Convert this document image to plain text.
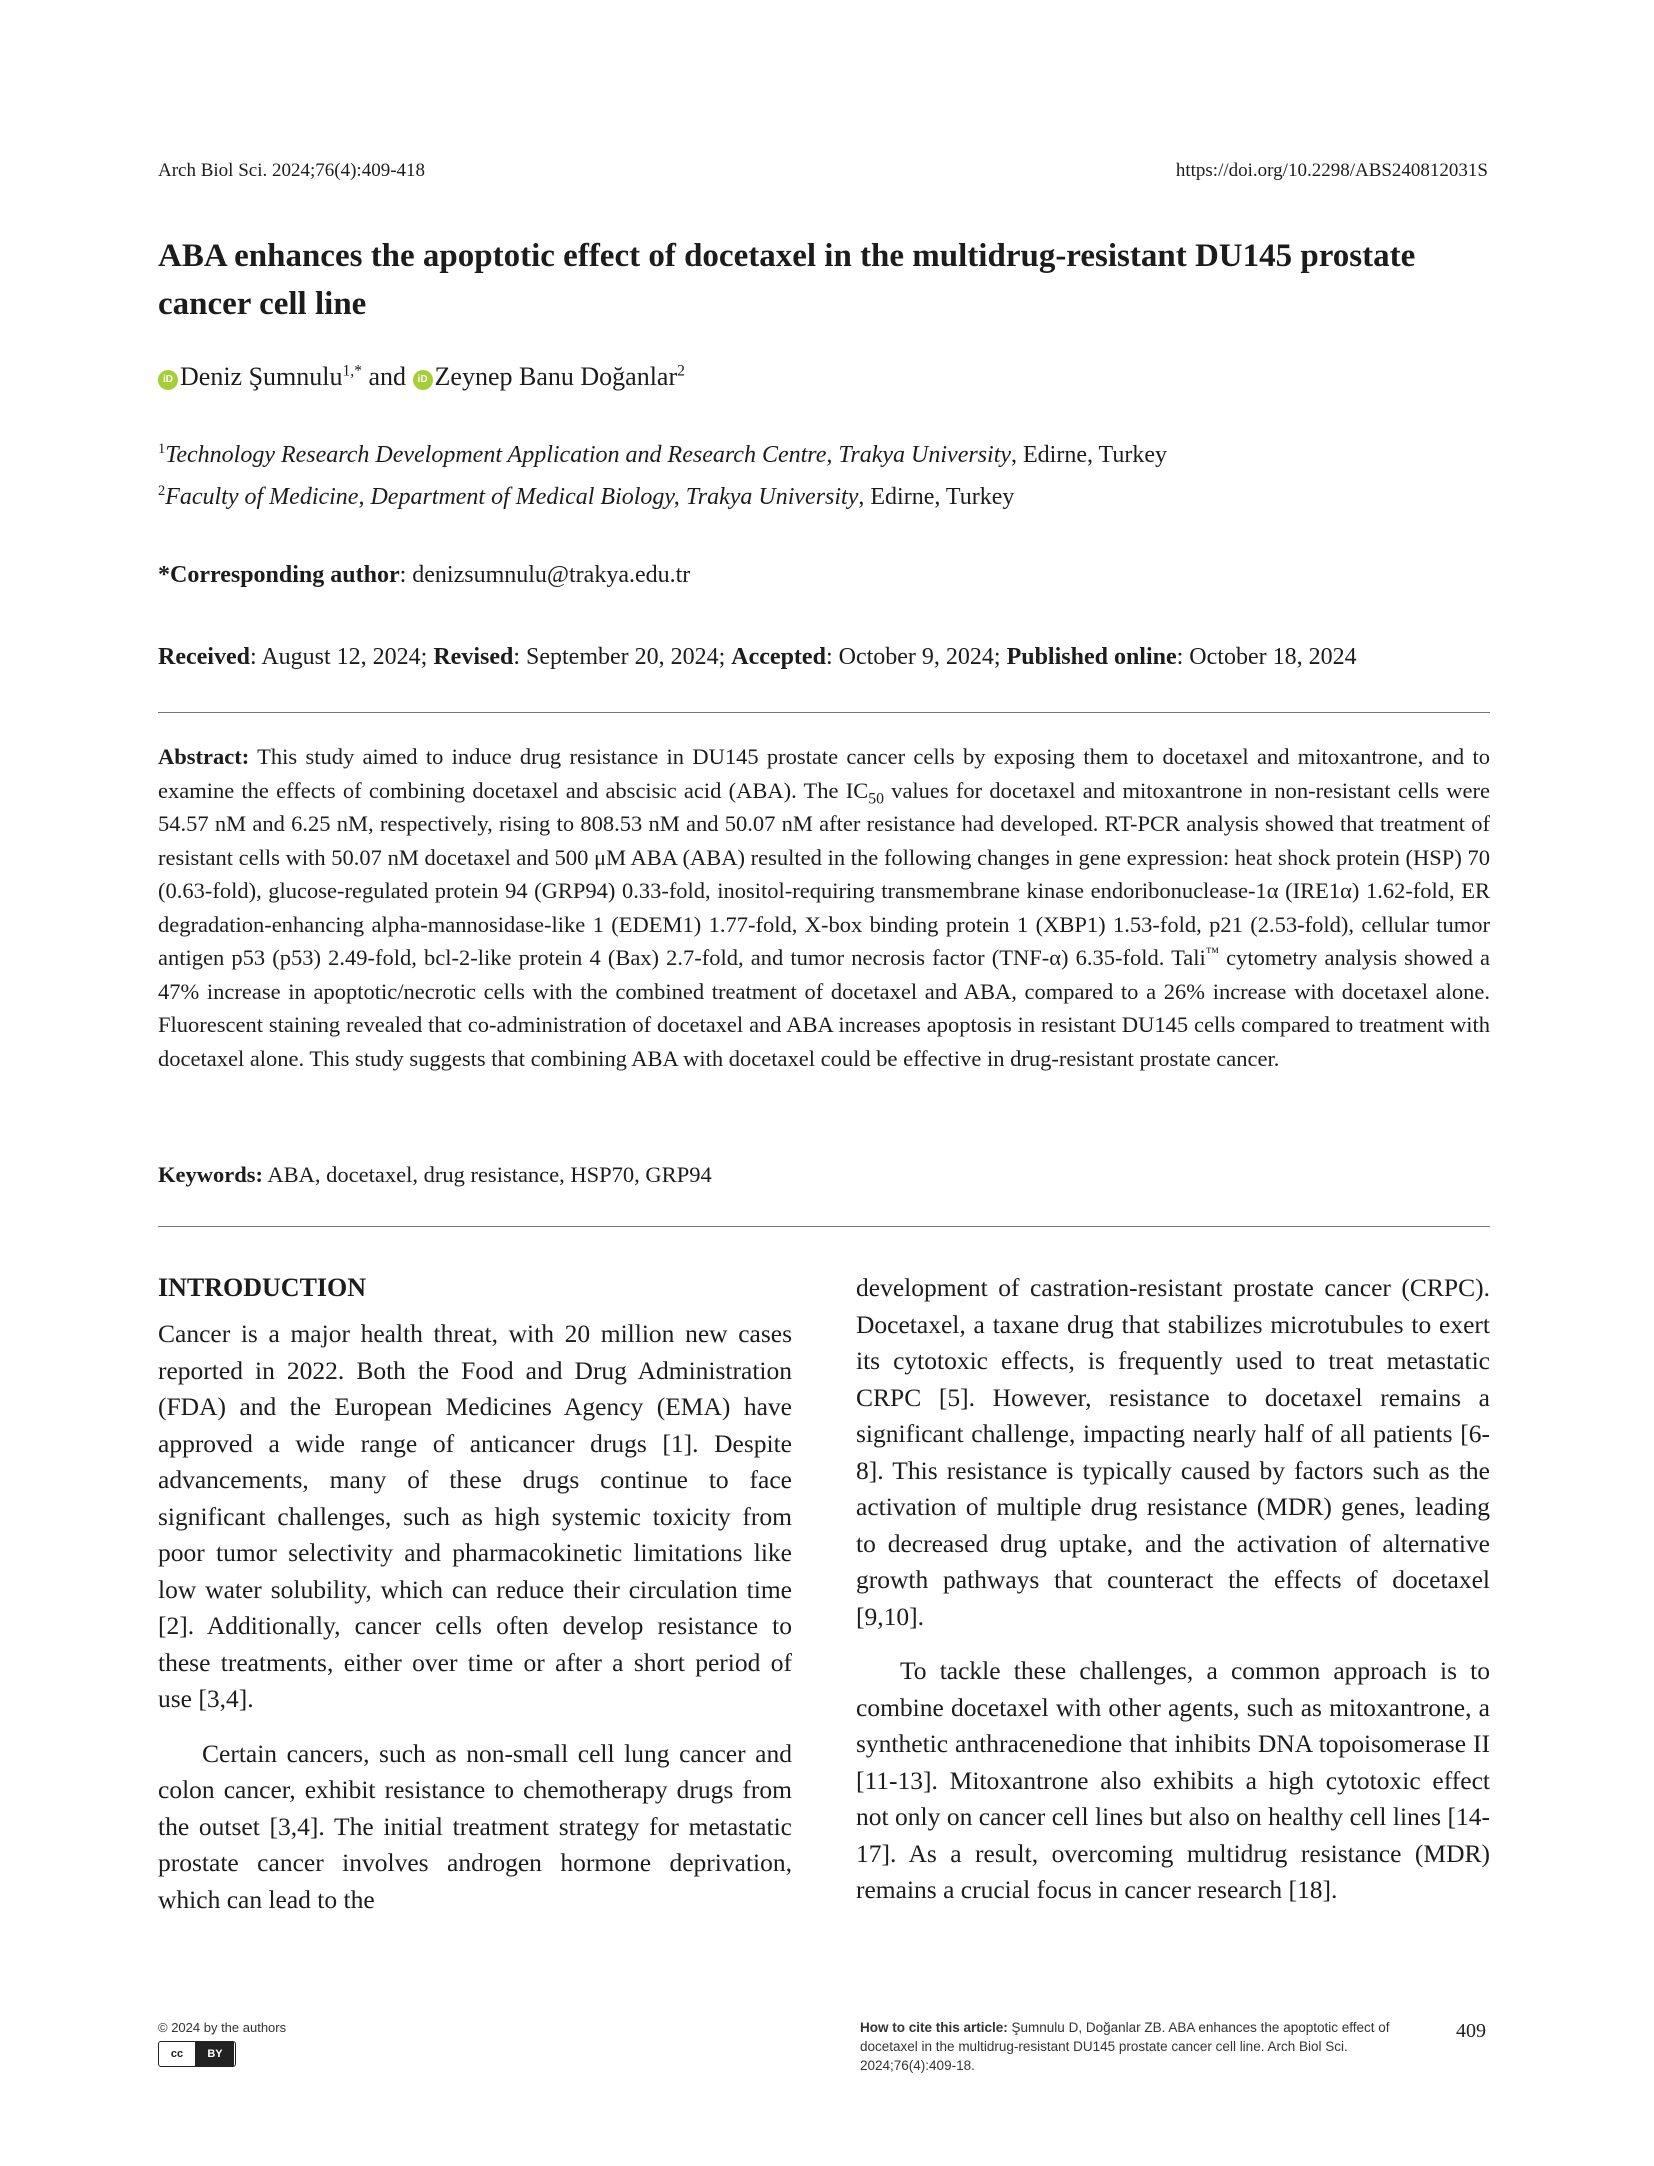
Arch Biol Sci. 2024;76(4):409-418	https://doi.org/10.2298/ABS240812031S
ABA enhances the apoptotic effect of docetaxel in the multidrug-resistant DU145 prostate cancer cell line
iD Deniz Şumnulu$^{1,*}$ and iD Zeynep Banu Doğanlar$^2$
$^1$Technology Research Development Application and Research Centre, Trakya University, Edirne, Turkey
$^2$Faculty of Medicine, Department of Medical Biology, Trakya University, Edirne, Turkey
*Corresponding author: denizsumnulu@trakya.edu.tr
Received: August 12, 2024; Revised: September 20, 2024; Accepted: October 9, 2024; Published online: October 18, 2024

Abstract: This study aimed to induce drug resistance in DU145 prostate cancer cells by exposing them to docetaxel and mitoxantrone, and to examine the effects of combining docetaxel and abscisic acid (ABA). The $IC_{50}$ values for docetaxel and mitoxantrone in non-resistant cells were 54.57 nM and 6.25 nM, respectively, rising to 808.53 nM and 50.07 nM after resistance had developed. RT-PCR analysis showed that treatment of resistant cells with 50.07 nM docetaxel and 500 μM ABA (ABA) resulted in the following changes in gene expression: heat shock protein (HSP) 70 (0.63-fold), glucose-regulated protein 94 (GRP94) 0.33-fold, inositol-requiring transmembrane kinase endoribonuclease-1α (IRE1α) 1.62-fold, ER degradation-enhancing alpha-mannosidase-like 1 (EDEM1) 1.77-fold, X-box binding protein 1 (XBP1) 1.53-fold, p21 (2.53-fold), cellular tumor antigen p53 (p53) 2.49-fold, bcl-2-like protein 4 (Bax) 2.7-fold, and tumor necrosis factor (TNF-α) 6.35-fold. Tali™ cytometry analysis showed a 47% increase in apoptotic/necrotic cells with the combined treatment of docetaxel and ABA, compared to a 26% increase with docetaxel alone. Fluorescent staining revealed that co-administration of docetaxel and ABA increases apoptosis in resistant DU145 cells compared to treatment with docetaxel alone. This study suggests that combining ABA with docetaxel could be effective in drug-resistant prostate cancer.

Keywords: ABA, docetaxel, drug resistance, HSP70, GRP94

INTRODUCTION

Cancer is a major health threat, with 20 million new cases reported in 2022. Both the Food and Drug Administration (FDA) and the European Medicines Agency (EMA) have approved a wide range of anticancer drugs [1]. Despite advancements, many of these drugs continue to face significant challenges, such as high systemic toxicity from poor tumor selectivity and pharmacokinetic limitations like low water solubility, which can reduce their circulation time [2]. Additionally, cancer cells often develop resistance to these treatments, either over time or after a short period of use [3,4].

Certain cancers, such as non-small cell lung cancer and colon cancer, exhibit resistance to chemotherapy drugs from the outset [3,4]. The initial treatment strategy for metastatic prostate cancer involves androgen hormone deprivation, which can lead to the

development of castration-resistant prostate cancer (CRPC). Docetaxel, a taxane drug that stabilizes microtubules to exert its cytotoxic effects, is frequently used to treat metastatic CRPC [5]. However, resistance to docetaxel remains a significant challenge, impacting nearly half of all patients [6-8]. This resistance is typically caused by factors such as the activation of multiple drug resistance (MDR) genes, leading to decreased drug uptake, and the activation of alternative growth pathways that counteract the effects of docetaxel [9,10].

To tackle these challenges, a common approach is to combine docetaxel with other agents, such as mitoxantrone, a synthetic anthracenedione that inhibits DNA topoisomerase II [11-13]. Mitoxantrone also exhibits a high cytotoxic effect not only on cancer cell lines but also on healthy cell lines [14-17]. As a result, overcoming multidrug resistance (MDR) remains a crucial focus in cancer research [18].

© 2024 by the authors
cc	BY
How to cite this article: Şumnulu D, Doğanlar ZB. ABA enhances the apoptotic effect of docetaxel in the multidrug-resistant DU145 prostate cancer cell line. Arch Biol Sci. 2024;76(4):409-18.
409
